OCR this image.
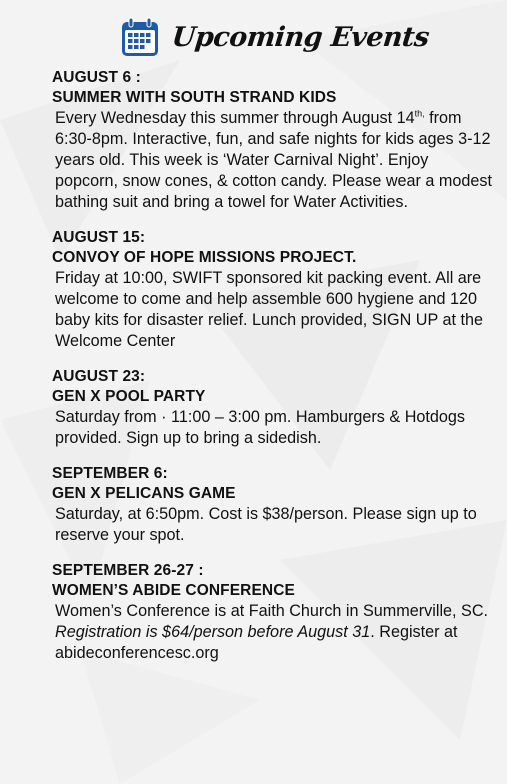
Upcoming Events
AUGUST 6 :
SUMMER WITH SOUTH STRAND KIDS
Every Wednesday this summer through August $14^{th,}$ from 6:30-8pm. Interactive, fun, and safe nights for kids ages 3-12 years old. This week is ‘Water Carnival Night’. Enjoy popcorn, snow cones, & cotton candy. Please wear a modest bathing suit and bring a towel for Water Activities.
AUGUST 15:
CONVOY OF HOPE MISSIONS PROJECT.
Friday at 10:00, SWIFT sponsored kit packing event. All are welcome to come and help assemble 600 hygiene and 120 baby kits for disaster relief. Lunch provided, SIGN UP at the Welcome Center
AUGUST 23:
GEN X POOL PARTY
Saturday from · 11:00 – 3:00 pm. Hamburgers & Hotdogs provided. Sign up to bring a sidedish.
SEPTEMBER 6:
GEN X PELICANS GAME
Saturday, at 6:50pm. Cost is $38/person. Please sign up to reserve your spot.
SEPTEMBER 26-27 :
WOMEN’S ABIDE CONFERENCE
Women’s Conference is at Faith Church in Summerville, SC. Registration is $64/person before August 31. Register at abideconferencesc.org
